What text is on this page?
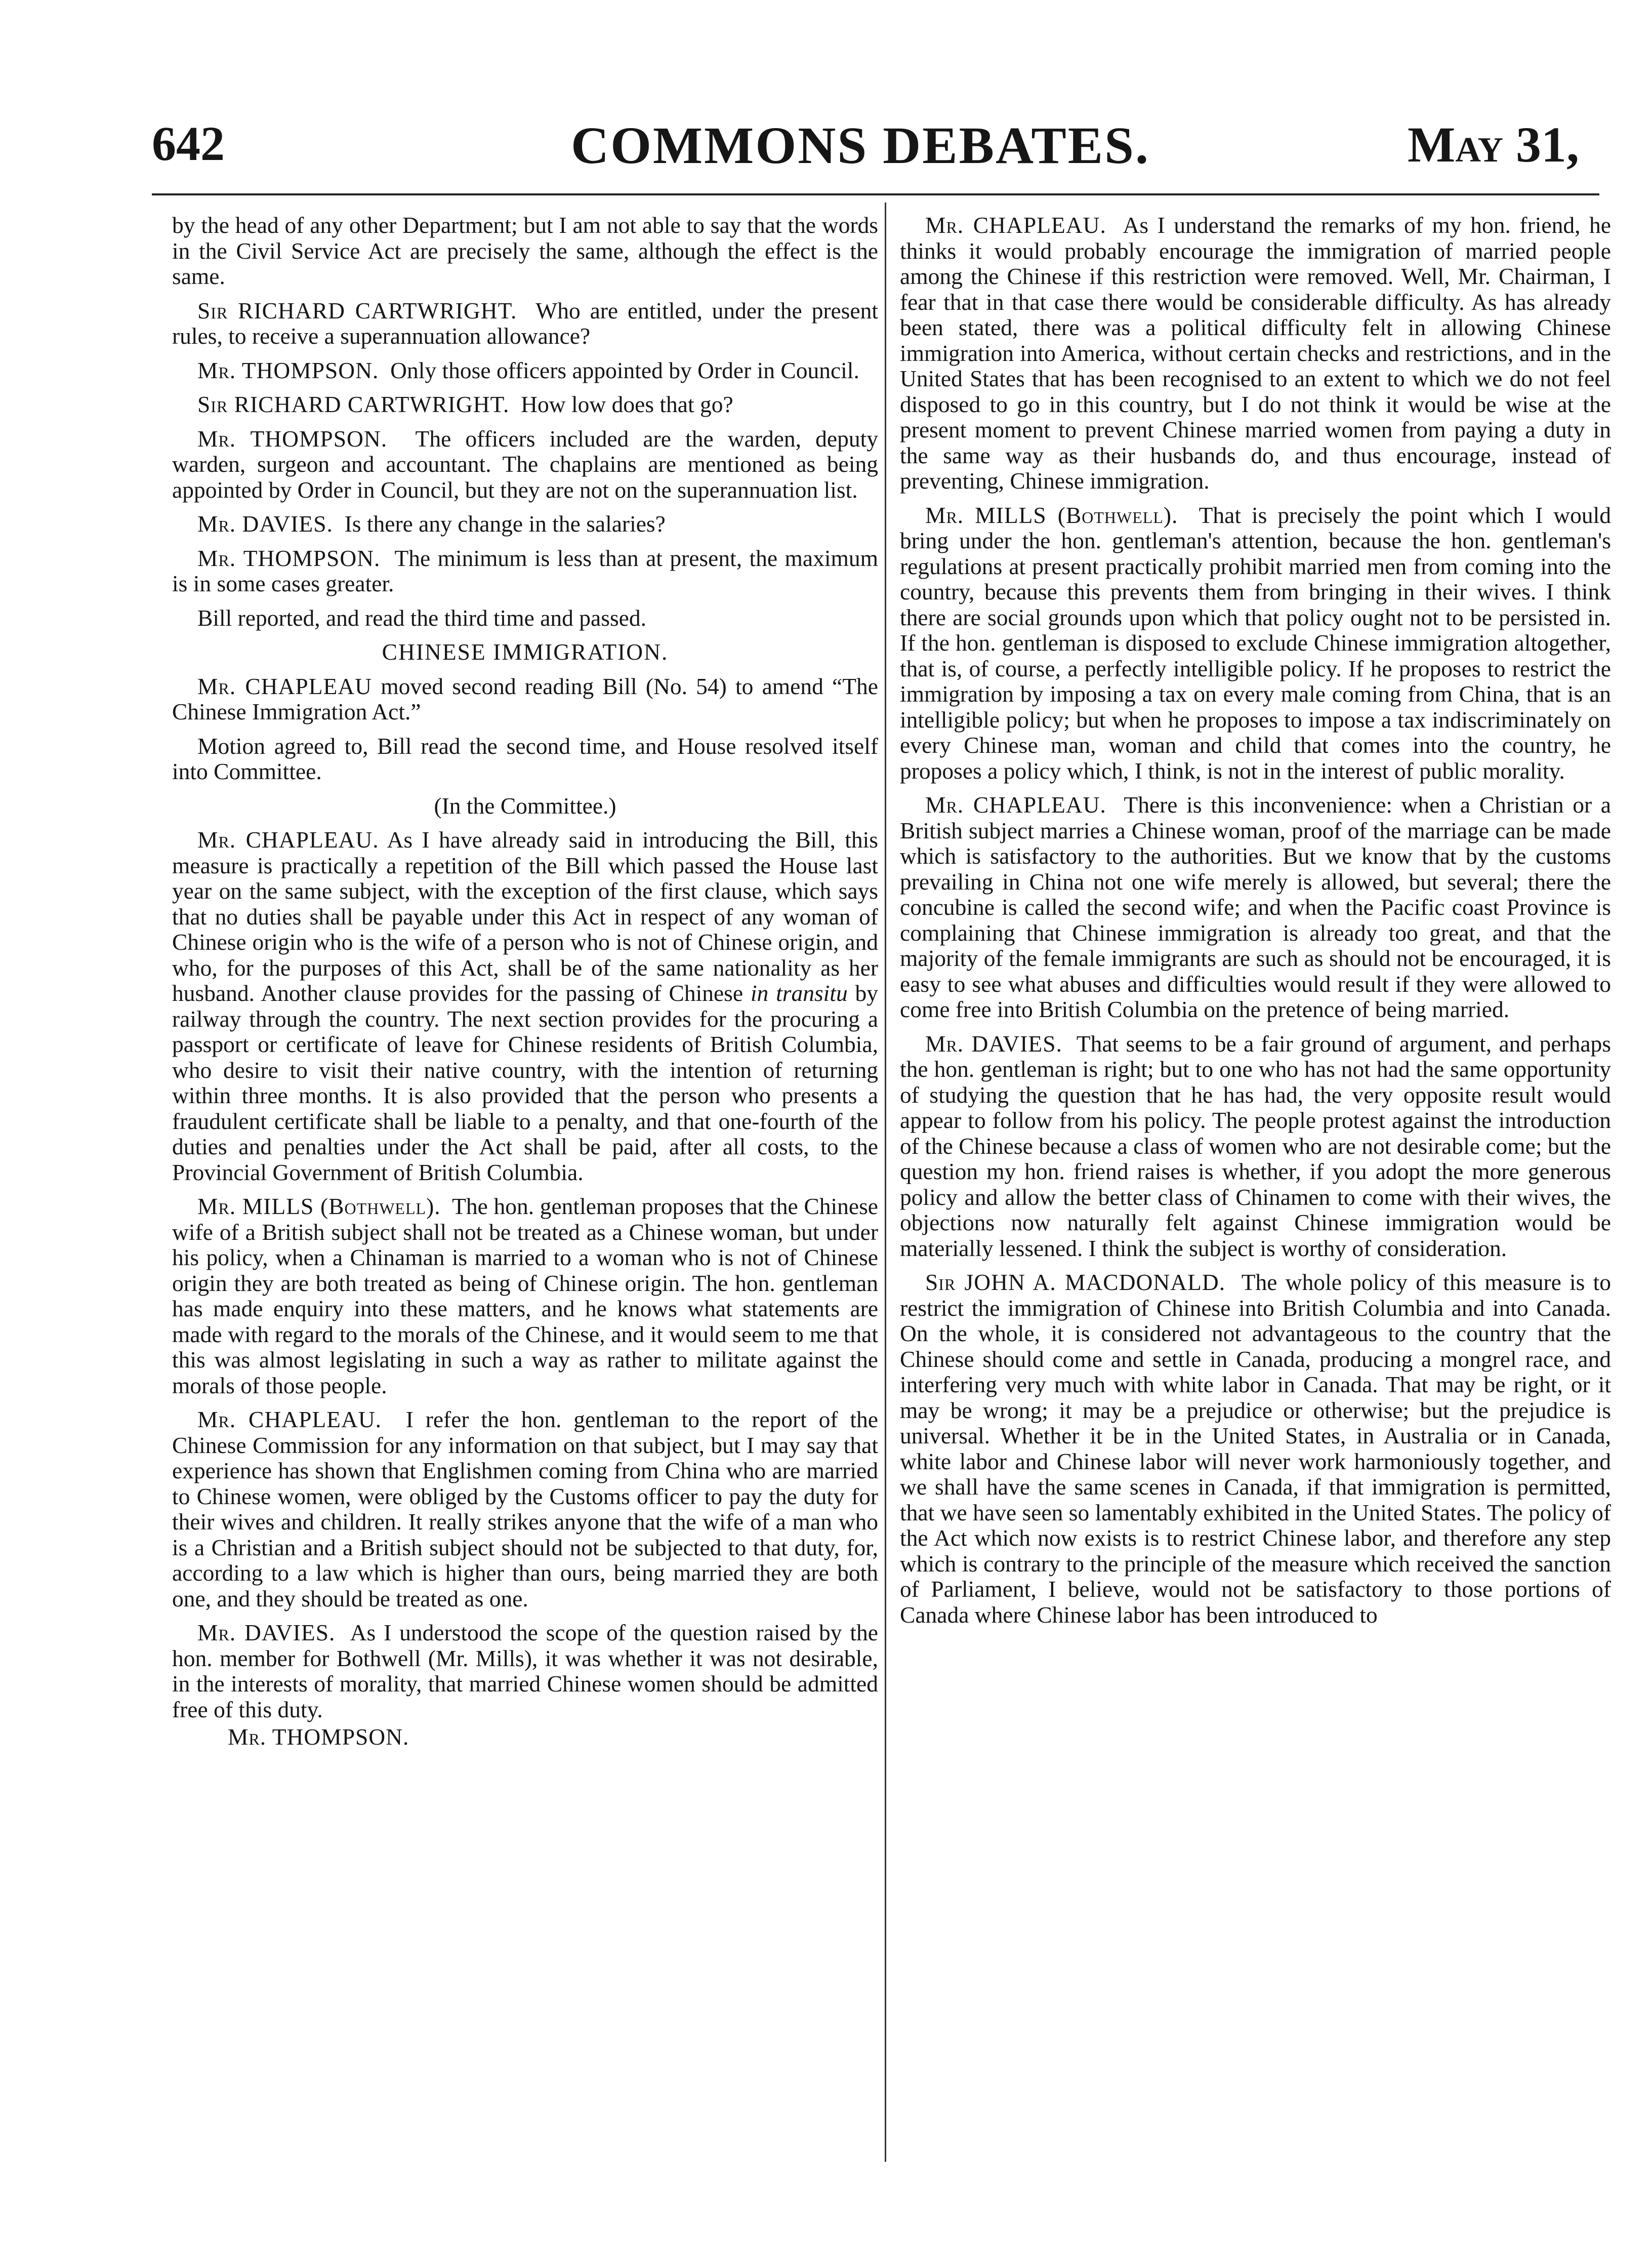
642	COMMONS DEBATES.	May 31,

by the head of any other Department; but I am not able to say that the words in the Civil Service Act are precisely the same, although the effect is the same.

Sir RICHARD CARTWRIGHT. Who are entitled, under the present rules, to receive a superannuation allowance?

Mr. THOMPSON. Only those officers appointed by Order in Council.

Sir RICHARD CARTWRIGHT. How low does that go?

Mr. THOMPSON. The officers included are the warden, deputy warden, surgeon and accountant. The chaplains are mentioned as being appointed by Order in Council, but they are not on the superannuation list.

Mr. DAVIES. Is there any change in the salaries?

Mr. THOMPSON. The minimum is less than at present, the maximum is in some cases greater.

Bill reported, and read the third time and passed.

CHINESE IMMIGRATION.

Mr. CHAPLEAU moved second reading Bill (No. 54) to amend “The Chinese Immigration Act.”

Motion agreed to, Bill read the second time, and House resolved itself into Committee.

(In the Committee.)

Mr. CHAPLEAU. As I have already said in introducing the Bill, this measure is practically a repetition of the Bill which passed the House last year on the same subject, with the exception of the first clause, which says that no duties shall be payable under this Act in respect of any woman of Chinese origin who is the wife of a person who is not of Chinese origin, and who, for the purposes of this Act, shall be of the same nationality as her husband. Another clause provides for the passing of Chinese in transitu by railway through the country. The next section provides for the procuring a passport or certificate of leave for Chinese residents of British Columbia, who desire to visit their native country, with the intention of returning within three months. It is also provided that the person who presents a fraudulent certificate shall be liable to a penalty, and that one-fourth of the duties and penalties under the Act shall be paid, after all costs, to the Provincial Government of British Columbia.

Mr. MILLS (Bothwell). The hon. gentleman proposes that the Chinese wife of a British subject shall not be treated as a Chinese woman, but under his policy, when a Chinaman is married to a woman who is not of Chinese origin they are both treated as being of Chinese origin. The hon. gentleman has made enquiry into these matters, and he knows what statements are made with regard to the morals of the Chinese, and it would seem to me that this was almost legislating in such a way as rather to militate against the morals of those people.

Mr. CHAPLEAU. I refer the hon. gentleman to the report of the Chinese Commission for any information on that subject, but I may say that experience has shown that Englishmen coming from China who are married to Chinese women, were obliged by the Customs officer to pay the duty for their wives and children. It really strikes anyone that the wife of a man who is a Christian and a British subject should not be subjected to that duty, for, according to a law which is higher than ours, being married they are both one, and they should be treated as one.

Mr. DAVIES. As I understood the scope of the question raised by the hon. member for Bothwell (Mr. Mills), it was whether it was not desirable, in the interests of morality, that married Chinese women should be admitted free of this duty.

Mr. THOMPSON.

Mr. CHAPLEAU. As I understand the remarks of my hon. friend, he thinks it would probably encourage the immigration of married people among the Chinese if this restriction were removed. Well, Mr. Chairman, I fear that in that case there would be considerable difficulty. As has already been stated, there was a political difficulty felt in allowing Chinese immigration into America, without certain checks and restrictions, and in the United States that has been recognised to an extent to which we do not feel disposed to go in this country, but I do not think it would be wise at the present moment to prevent Chinese married women from paying a duty in the same way as their husbands do, and thus encourage, instead of preventing, Chinese immigration.

Mr. MILLS (Bothwell). That is precisely the point which I would bring under the hon. gentleman's attention, because the hon. gentleman's regulations at present practically prohibit married men from coming into the country, because this prevents them from bringing in their wives. I think there are social grounds upon which that policy ought not to be persisted in. If the hon. gentleman is disposed to exclude Chinese immigration altogether, that is, of course, a perfectly intelligible policy. If he proposes to restrict the immigration by imposing a tax on every male coming from China, that is an intelligible policy; but when he proposes to impose a tax indiscriminately on every Chinese man, woman and child that comes into the country, he proposes a policy which, I think, is not in the interest of public morality.

Mr. CHAPLEAU. There is this inconvenience: when a Christian or a British subject marries a Chinese woman, proof of the marriage can be made which is satisfactory to the authorities. But we know that by the customs prevailing in China not one wife merely is allowed, but several; there the concubine is called the second wife; and when the Pacific coast Province is complaining that Chinese immigration is already too great, and that the majority of the female immigrants are such as should not be encouraged, it is easy to see what abuses and difficulties would result if they were allowed to come free into British Columbia on the pretence of being married.

Mr. DAVIES. That seems to be a fair ground of argument, and perhaps the hon. gentleman is right; but to one who has not had the same opportunity of studying the question that he has had, the very opposite result would appear to follow from his policy. The people protest against the introduction of the Chinese because a class of women who are not desirable come; but the question my hon. friend raises is whether, if you adopt the more generous policy and allow the better class of Chinamen to come with their wives, the objections now naturally felt against Chinese immigration would be materially lessened. I think the subject is worthy of consideration.

Sir JOHN A. MACDONALD. The whole policy of this measure is to restrict the immigration of Chinese into British Columbia and into Canada. On the whole, it is considered not advantageous to the country that the Chinese should come and settle in Canada, producing a mongrel race, and interfering very much with white labor in Canada. That may be right, or it may be wrong; it may be a prejudice or otherwise; but the prejudice is universal. Whether it be in the United States, in Australia or in Canada, white labor and Chinese labor will never work harmoniously together, and we shall have the same scenes in Canada, if that immigration is permitted, that we have seen so lamentably exhibited in the United States. The policy of the Act which now exists is to restrict Chinese labor, and therefore any step which is contrary to the principle of the measure which received the sanction of Parliament, I believe, would not be satisfactory to those portions of Canada where Chinese labor has been introduced to
